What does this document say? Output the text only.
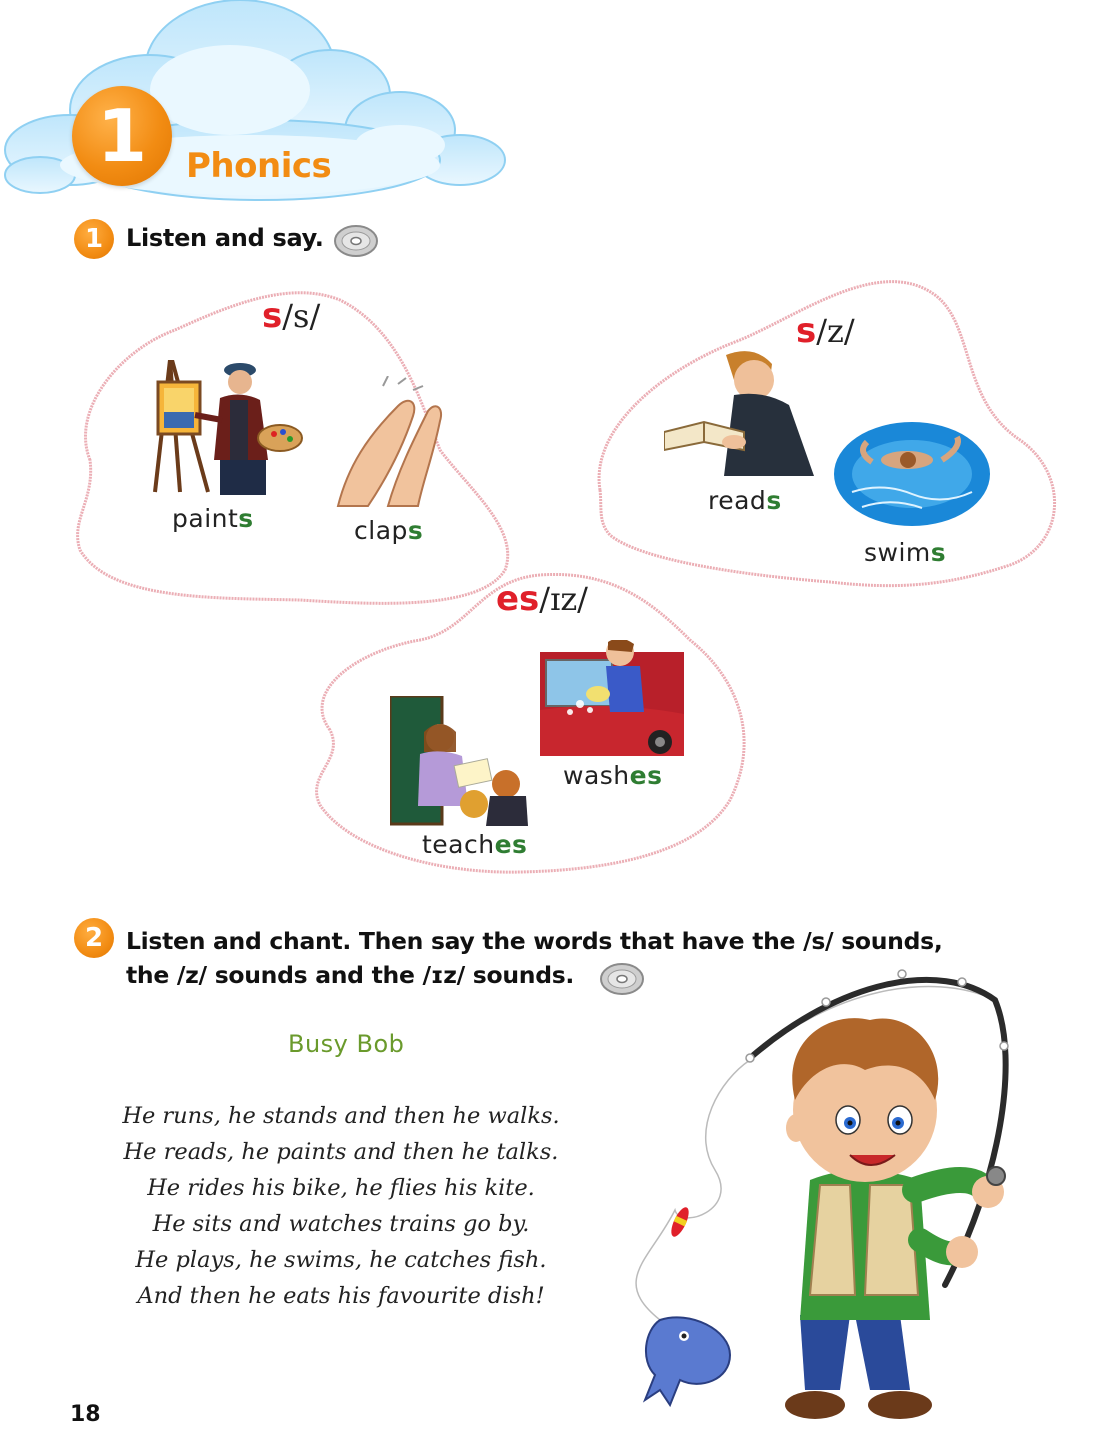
1	Phonics
1 Listen and say.
s/s/
paints	claps
s/z/
reads
swims
es/ɪz/
washes
teaches
2 Listen and chant. Then say the words that have the /s/ sounds,
the /z/ sounds and the /ɪz/ sounds.
Busy Bob
He runs, he stands and then he walks.
He reads, he paints and then he talks.
He rides his bike, he flies his kite.
He sits and watches trains go by.
He plays, he swims, he catches fish.
And then he eats his favourite dish!
18
